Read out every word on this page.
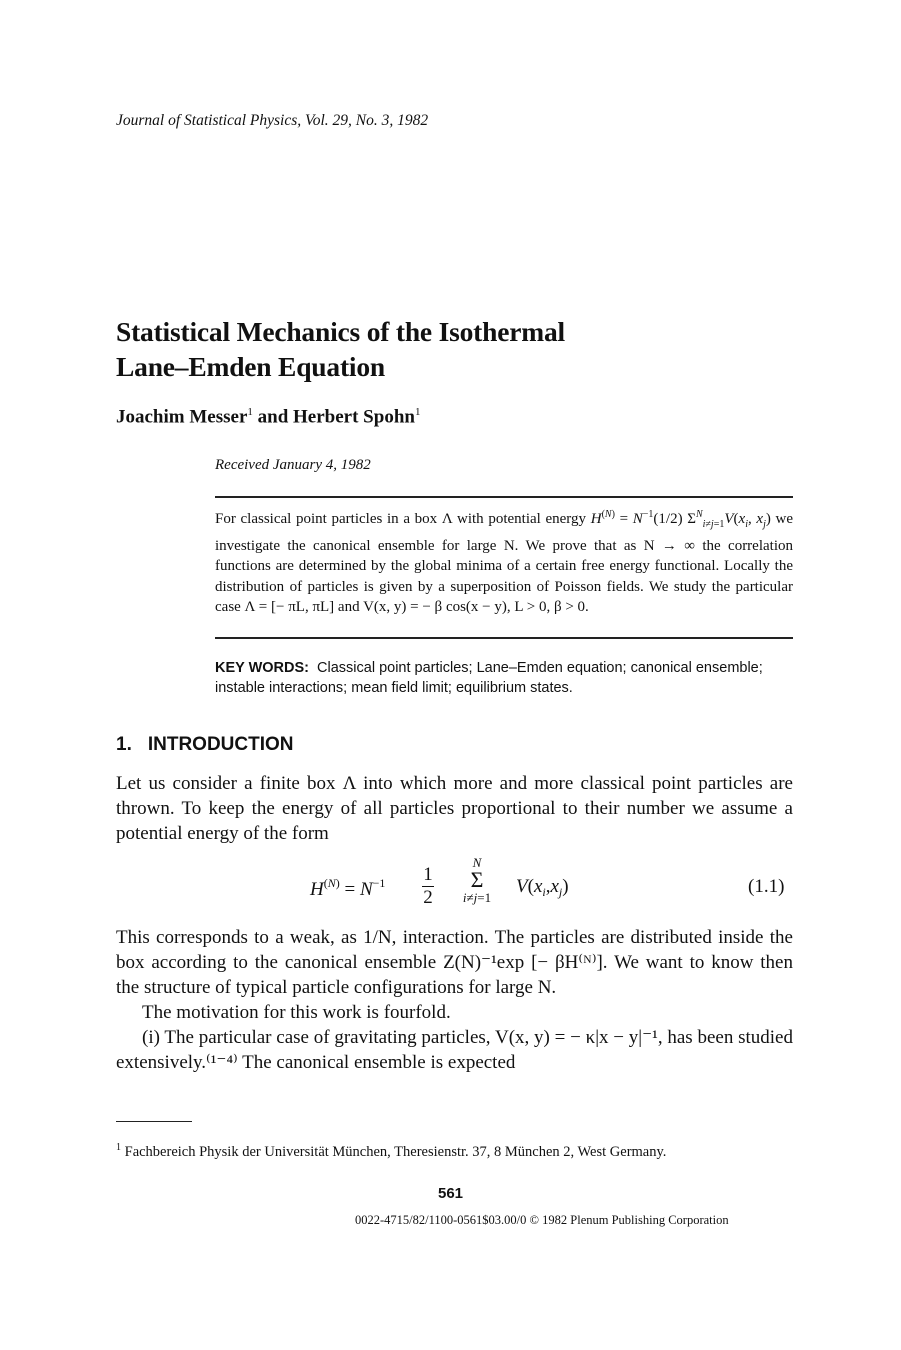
Journal of Statistical Physics, Vol. 29, No. 3, 1982
Statistical Mechanics of the Isothermal
Lane–Emden Equation
Joachim Messer$^1$ and Herbert Spohn$^1$
Received January 4, 1982
For classical point particles in a box Λ with potential energy $H^{(N)} = N^{-1}(1/2)$ $\Sigma^N_{i\ne j=1}V(x_i$, $x_j$) we investigate the canonical ensemble for large N. We prove that as N → ∞ the correlation functions are determined by the global minima of a certain free energy functional. Locally the distribution of particles is given by a superposition of Poisson fields. We study the particular case Λ = [− πL, πL] and V(x, y) = − β cos(x − y), L > 0, β > 0.
KEY WORDS: Classical point particles; Lane–Emden equation; canonical ensemble; instable interactions; mean field limit; equilibrium states.
1. INTRODUCTION
Let us consider a finite box Λ into which more and more classical point particles are thrown. To keep the energy of all particles proportional to their number we assume a potential energy of the form
$H^{(N)} = N^{-1}$ 1

2
N
Σ
i≠j=1
$V(x_i,x_j)$	(1.1)
This corresponds to a weak, as 1/N, interaction. The particles are distributed inside the box according to the canonical ensemble Z(N)⁻¹exp [− βH⁽ᴺ⁾]. We want to know then the structure of typical particle configurations for large N.
The motivation for this work is fourfold.
(i) The particular case of gravitating particles, V(x, y) = − κ|x − y|⁻¹, has been studied extensively.⁽¹⁻⁴⁾ The canonical ensemble is expected
$^1$ Fachbereich Physik der Universität München, Theresienstr. 37, 8 München 2, West Germany.
561
0022-4715/82/1100-0561$03.00/0 © 1982 Plenum Publishing Corporation
